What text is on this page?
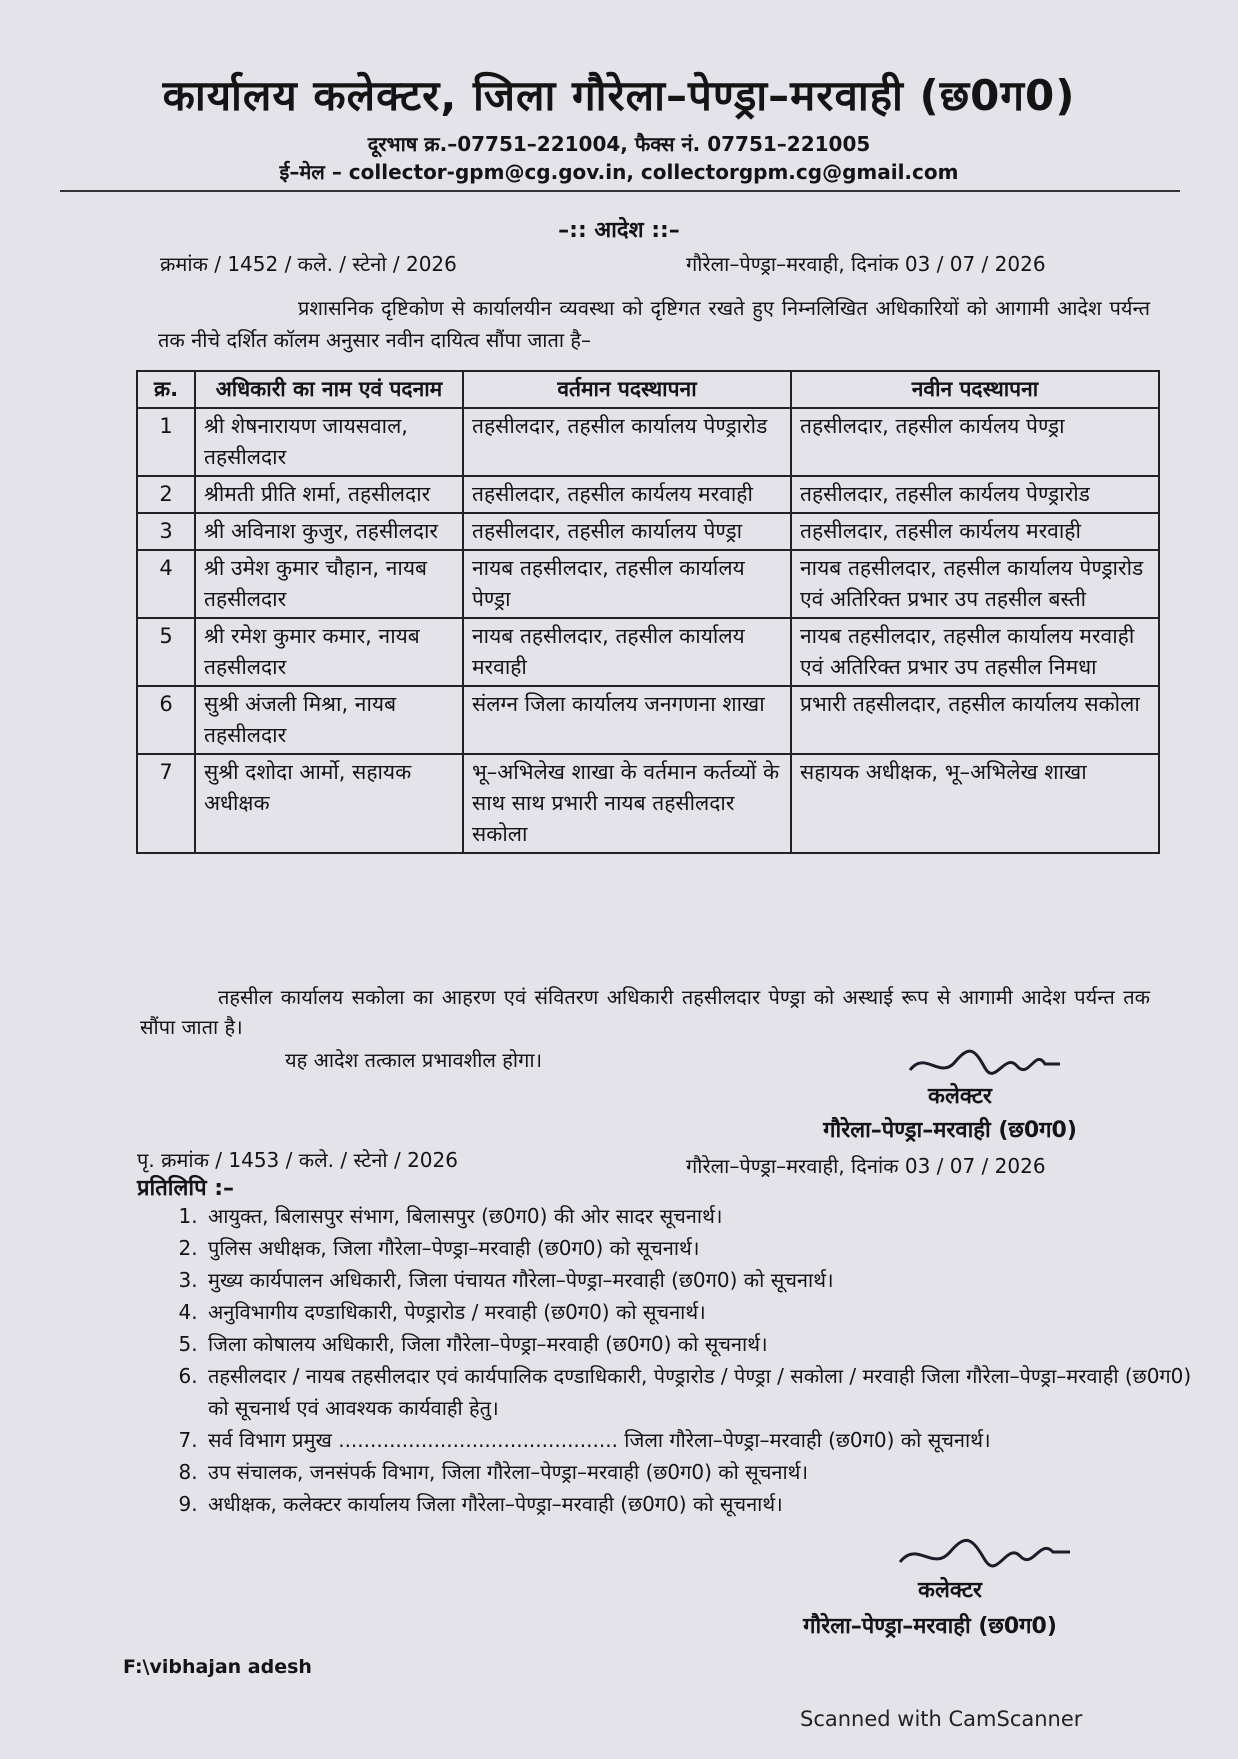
कार्यालय कलेक्टर, जिला गौरेला–पेण्ड्रा–मरवाही (छ0ग0)
दूरभाष क्र.–07751–221004, फैक्स नं. 07751–221005
ई–मेल – collector-gpm@cg.gov.in, collectorgpm.cg@gmail.com
–:: आदेश ::–
क्रमांक / 1452 / कले. / स्टेनो / 2026	गौरेला–पेण्ड्रा–मरवाही, दिनांक 03 / 07 / 2026
प्रशासनिक दृष्टिकोण से कार्यालयीन व्यवस्था को दृष्टिगत रखते हुए निम्नलिखित अधिकारियों को आगामी आदेश पर्यन्त तक नीचे दर्शित कॉलम अनुसार नवीन दायित्व सौंपा जाता है–
क्र.	अधिकारी का नाम एवं पदनाम	वर्तमान पदस्थापना	नवीन पदस्थापना
1	श्री शेषनारायण जायसवाल, तहसीलदार	तहसीलदार, तहसील कार्यालय पेण्ड्रारोड	तहसीलदार, तहसील कार्यलय पेण्ड्रा
2	श्रीमती प्रीति शर्मा, तहसीलदार	तहसीलदार, तहसील कार्यलय मरवाही	तहसीलदार, तहसील कार्यलय पेण्ड्रारोड
3	श्री अविनाश कुजुर, तहसीलदार	तहसीलदार, तहसील कार्यालय पेण्ड्रा	तहसीलदार, तहसील कार्यलय मरवाही
4	श्री उमेश कुमार चौहान, नायब तहसीलदार	नायब तहसीलदार, तहसील कार्यालय पेण्ड्रा	नायब तहसीलदार, तहसील कार्यालय पेण्ड्रारोड एवं अतिरिक्त प्रभार उप तहसील बस्ती
5	श्री रमेश कुमार कमार, नायब तहसीलदार	नायब तहसीलदार, तहसील कार्यालय मरवाही	नायब तहसीलदार, तहसील कार्यालय मरवाही एवं अतिरिक्त प्रभार उप तहसील निमधा
6	सुश्री अंजली मिश्रा, नायब तहसीलदार	संलग्न जिला कार्यालय जनगणना शाखा	प्रभारी तहसीलदार, तहसील कार्यालय सकोला
7	सुश्री दशोदा आर्मो, सहायक अधीक्षक	भू–अभिलेख शाखा के वर्तमान कर्तव्यों के साथ साथ प्रभारी नायब तहसीलदार सकोला	सहायक अधीक्षक, भू–अभिलेख शाखा
तहसील कार्यालय सकोला का आहरण एवं संवितरण अधिकारी तहसीलदार पेण्ड्रा को अस्थाई रूप से आगामी आदेश पर्यन्त तक सौंपा जाता है।
यह आदेश तत्काल प्रभावशील होगा।
कलेक्टर
गौरेला–पेण्ड्रा–मरवाही (छ0ग0)
पृ. क्रमांक / 1453 / कले. / स्टेनो / 2026	गौरेला–पेण्ड्रा–मरवाही, दिनांक 03 / 07 / 2026
प्रतिलिपि :–
1. आयुक्त, बिलासपुर संभाग, बिलासपुर (छ0ग0) की ओर सादर सूचनार्थ।
2. पुलिस अधीक्षक, जिला गौरेला–पेण्ड्रा–मरवाही (छ0ग0) को सूचनार्थ।
3. मुख्य कार्यपालन अधिकारी, जिला पंचायत गौरेला–पेण्ड्रा–मरवाही (छ0ग0) को सूचनार्थ।
4. अनुविभागीय दण्डाधिकारी, पेण्ड्रारोड / मरवाही (छ0ग0) को सूचनार्थ।
5. जिला कोषालय अधिकारी, जिला गौरेला–पेण्ड्रा–मरवाही (छ0ग0) को सूचनार्थ।
6. तहसीलदार / नायब तहसीलदार एवं कार्यपालिक दण्डाधिकारी, पेण्ड्रारोड / पेण्ड्रा / सकोला / मरवाही जिला गौरेला–पेण्ड्रा–मरवाही (छ0ग0) को सूचनार्थ एवं आवश्यक कार्यवाही हेतु।
7. सर्व विभाग प्रमुख ............................................ जिला गौरेला–पेण्ड्रा–मरवाही (छ0ग0) को सूचनार्थ।
8. उप संचालक, जनसंपर्क विभाग, जिला गौरेला–पेण्ड्रा–मरवाही (छ0ग0) को सूचनार्थ।
9. अधीक्षक, कलेक्टर कार्यालय जिला गौरेला–पेण्ड्रा–मरवाही (छ0ग0) को सूचनार्थ।
कलेक्टर
गौरेला–पेण्ड्रा–मरवाही (छ0ग0)
F:\vibhajan adesh
Scanned with CamScanner
